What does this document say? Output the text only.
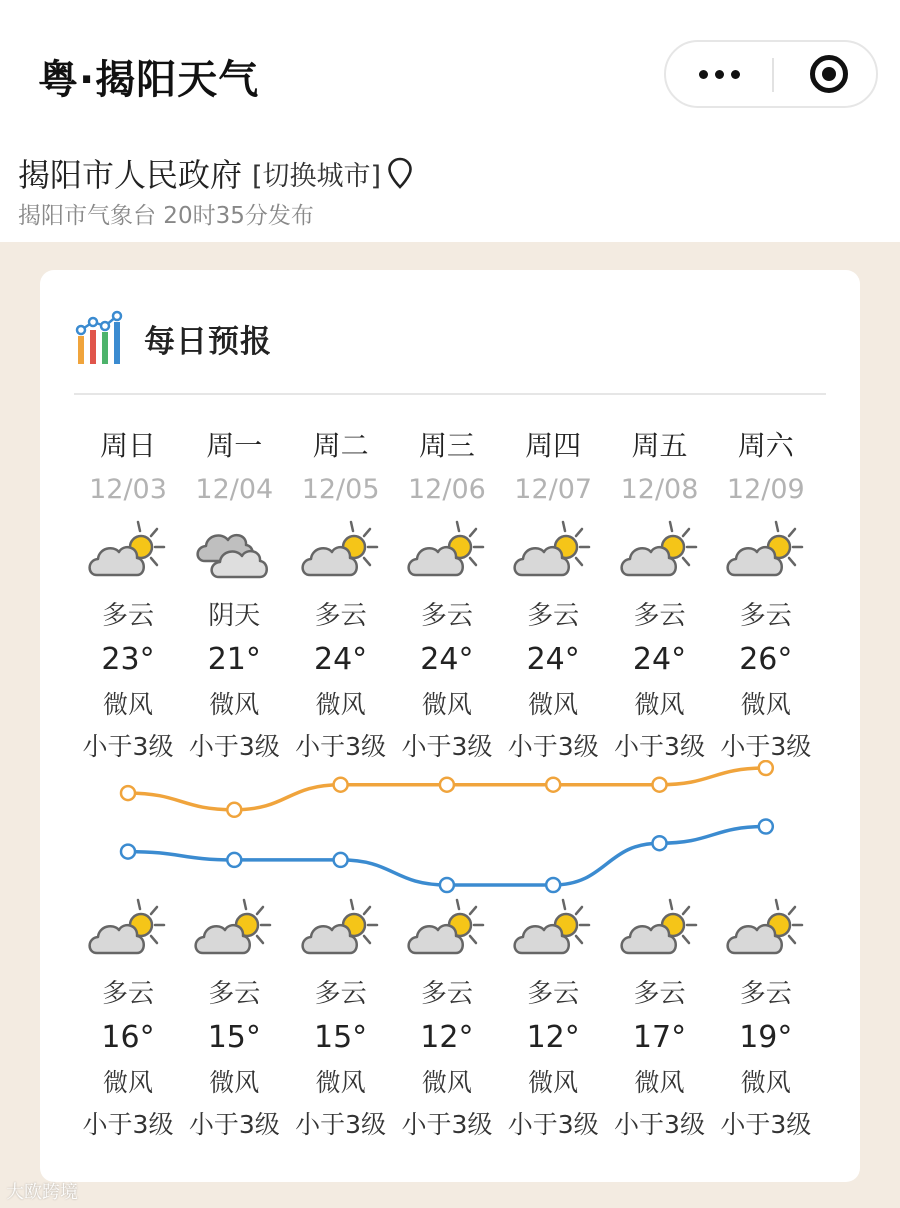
粤·揭阳天气
揭阳市人民政府 [切换城市]
揭阳市气象台 20时35分发布
每日预报
周日
12/03
多云
23°
微风
小于3级
多云
16°
微风
小于3级
周一
12/04
阴天
21°
微风
小于3级
多云
15°
微风
小于3级
周二
12/05
多云
24°
微风
小于3级
多云
15°
微风
小于3级
周三
12/06
多云
24°
微风
小于3级
多云
12°
微风
小于3级
周四
12/07
多云
24°
微风
小于3级
多云
12°
微风
小于3级
周五
12/08
多云
24°
微风
小于3级
多云
17°
微风
小于3级
周六
12/09
多云
26°
微风
小于3级
多云
19°
微风
小于3级
大欧跨境
